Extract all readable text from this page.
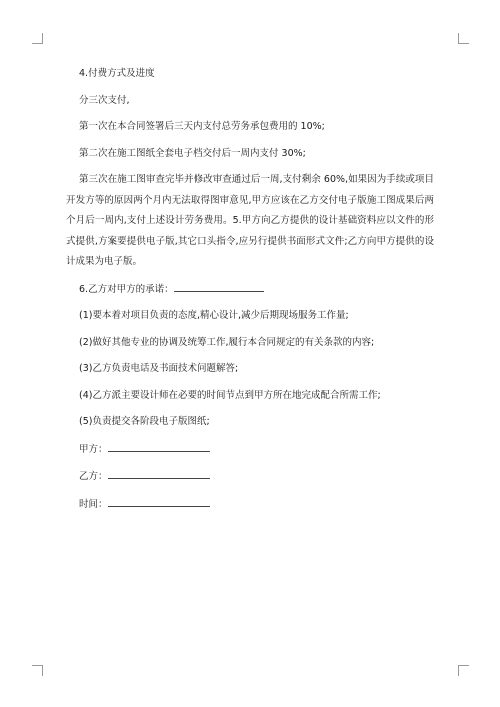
4.付费方式及进度
分三次支付,
第一次在本合同签署后三天内支付总劳务承包费用的 10%;
第二次在施工图纸全套电子档交付后一周内支付 30%;
第三次在施工图审查完毕并修改审查通过后一周,支付剩余 60%,如果因为手续或项目开发方等的原因两个月内无法取得图审意见,甲方应该在乙方交付电子版施工图成果后两个月后一周内,支付上述设计劳务费用。5.甲方向乙方提供的设计基础资料应以文件的形式提供,方案要提供电子版,其它口头指令,应另行提供书面形式文件;乙方向甲方提供的设计成果为电子版。
6.乙方对甲方的承诺：
(1)要本着对项目负责的态度,精心设计,减少后期现场服务工作量;
(2)做好其他专业的协调及统筹工作,履行本合同规定的有关条款的内容;
(3)乙方负责电话及书面技术问题解答;
(4)乙方派主要设计师在必要的时间节点到甲方所在地完成配合所需工作;
(5)负责提交各阶段电子版图纸;
甲方：
乙方：
时间：
